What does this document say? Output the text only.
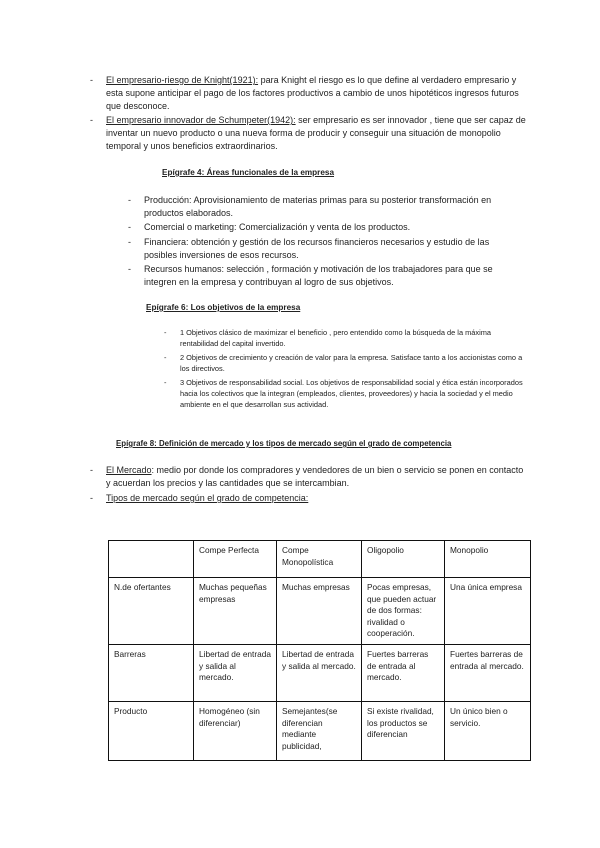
-	El empresario-riesgo de Knight(1921): para Knight el riesgo es lo que define al verdadero empresario y esta supone anticipar el pago de los factores productivos a cambio de unos hipotéticos ingresos futuros que desconoce.
-	El empresario innovador de Schumpeter(1942): ser empresario es ser innovador , tiene que ser capaz de inventar un nuevo producto o una nueva forma de producir y conseguir una situación de monopolio temporal y unos beneficios extraordinarios.
Epígrafe 4: Áreas funcionales de la empresa
-	Producción: Aprovisionamiento de materias primas para su posterior transformación en productos elaborados.
-	Comercial o marketing: Comercialización y venta de los productos.
-	Financiera: obtención y gestión de los recursos financieros necesarios y estudio de las posibles inversiones de esos recursos.
-	Recursos humanos: selección , formación y motivación de los trabajadores para que se integren en la empresa y contribuyan al logro de sus objetivos.
Epígrafe 6: Los objetivos de la empresa
-	1 Objetivos clásico de maximizar el beneficio , pero entendido como la búsqueda de la máxima rentabilidad del capital invertido.
-	2 Objetivos de crecimiento y creación de valor para la empresa. Satisface tanto a los accionistas como a los directivos.
-	3 Objetivos de responsabilidad social. Los objetivos de responsabilidad social y ética están incorporados hacia los colectivos que la integran (empleados, clientes, proveedores) y hacia la sociedad y el medio ambiente en el que desarrollan sus actividad.
Epígrafe 8: Definición de mercado y los tipos de mercado según el grado de competencia
-	El Mercado: medio por donde los compradores y vendedores de un bien o servicio se ponen en contacto y acuerdan los precios y las cantidades que se intercambian.
-	Tipos de mercado según el grado de competencia:
	Compe Perfecta	Compe Monopolística	Oligopolio	Monopolio
N.de ofertantes	Muchas pequeñas empresas	Muchas empresas	Pocas empresas, que pueden actuar de dos formas: rivalidad o cooperación.	Una única empresa
Barreras	Libertad de entrada y salida al mercado.	Libertad de entrada y salida al mercado.	Fuertes barreras de entrada al mercado.	Fuertes barreras de entrada al mercado.
Producto	Homogéneo (sin diferenciar)	Semejantes(se diferencian mediante publicidad,	Si existe rivalidad, los productos se diferencian	Un único bien o servicio.
